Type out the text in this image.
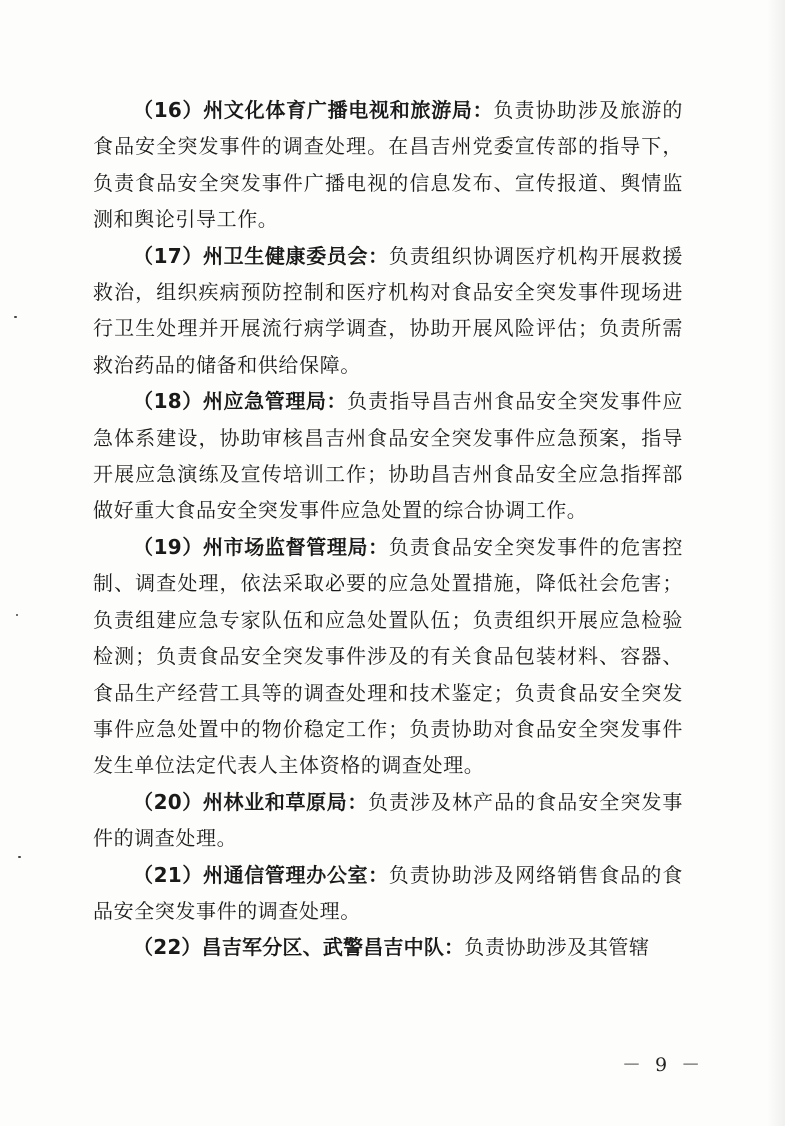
（16）州文化体育广播电视和旅游局：负责协助涉及旅游的食品安全突发事件的调查处理。在昌吉州党委宣传部的指导下，负责食品安全突发事件广播电视的信息发布、宣传报道、舆情监测和舆论引导工作。

（17）州卫生健康委员会：负责组织协调医疗机构开展救援救治，组织疾病预防控制和医疗机构对食品安全突发事件现场进行卫生处理并开展流行病学调查，协助开展风险评估；负责所需救治药品的储备和供给保障。

（18）州应急管理局：负责指导昌吉州食品安全突发事件应急体系建设，协助审核昌吉州食品安全突发事件应急预案，指导开展应急演练及宣传培训工作；协助昌吉州食品安全应急指挥部做好重大食品安全突发事件应急处置的综合协调工作。

（19）州市场监督管理局：负责食品安全突发事件的危害控制、调查处理，依法采取必要的应急处置措施，降低社会危害；负责组建应急专家队伍和应急处置队伍；负责组织开展应急检验检测；负责食品安全突发事件涉及的有关食品包装材料、容器、食品生产经营工具等的调查处理和技术鉴定；负责食品安全突发事件应急处置中的物价稳定工作；负责协助对食品安全突发事件发生单位法定代表人主体资格的调查处理。

（20）州林业和草原局：负责涉及林产品的食品安全突发事件的调查处理。

（21）州通信管理办公室：负责协助涉及网络销售食品的食品安全突发事件的调查处理。

（22）昌吉军分区、武警昌吉中队：负责协助涉及其管辖

－ 9 －
